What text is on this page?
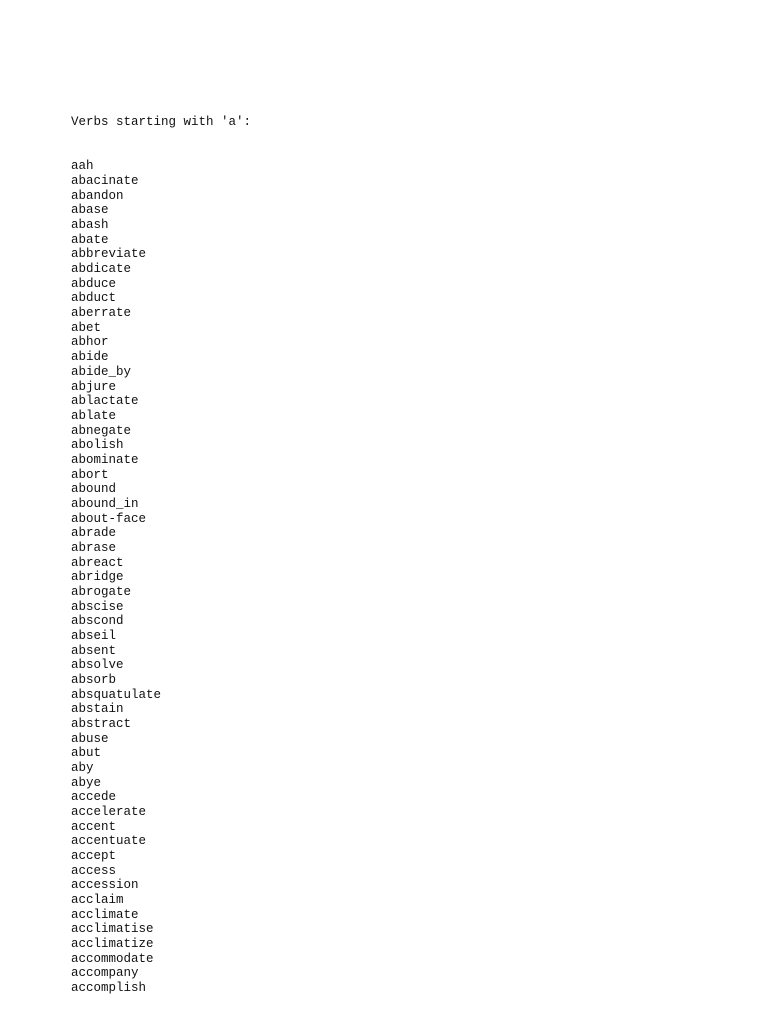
Verbs starting with 'a':

aah
abacinate
abandon
abase
abash
abate
abbreviate
abdicate
abduce
abduct
aberrate
abet
abhor
abide
abide_by
abjure
ablactate
ablate
abnegate
abolish
abominate
abort
abound
abound_in
about-face
abrade
abrase
abreact
abridge
abrogate
abscise
abscond
abseil
absent
absolve
absorb
absquatulate
abstain
abstract
abuse
abut
aby
abye
accede
accelerate
accent
accentuate
accept
access
accession
acclaim
acclimate
acclimatise
acclimatize
accommodate
accompany
accomplish
